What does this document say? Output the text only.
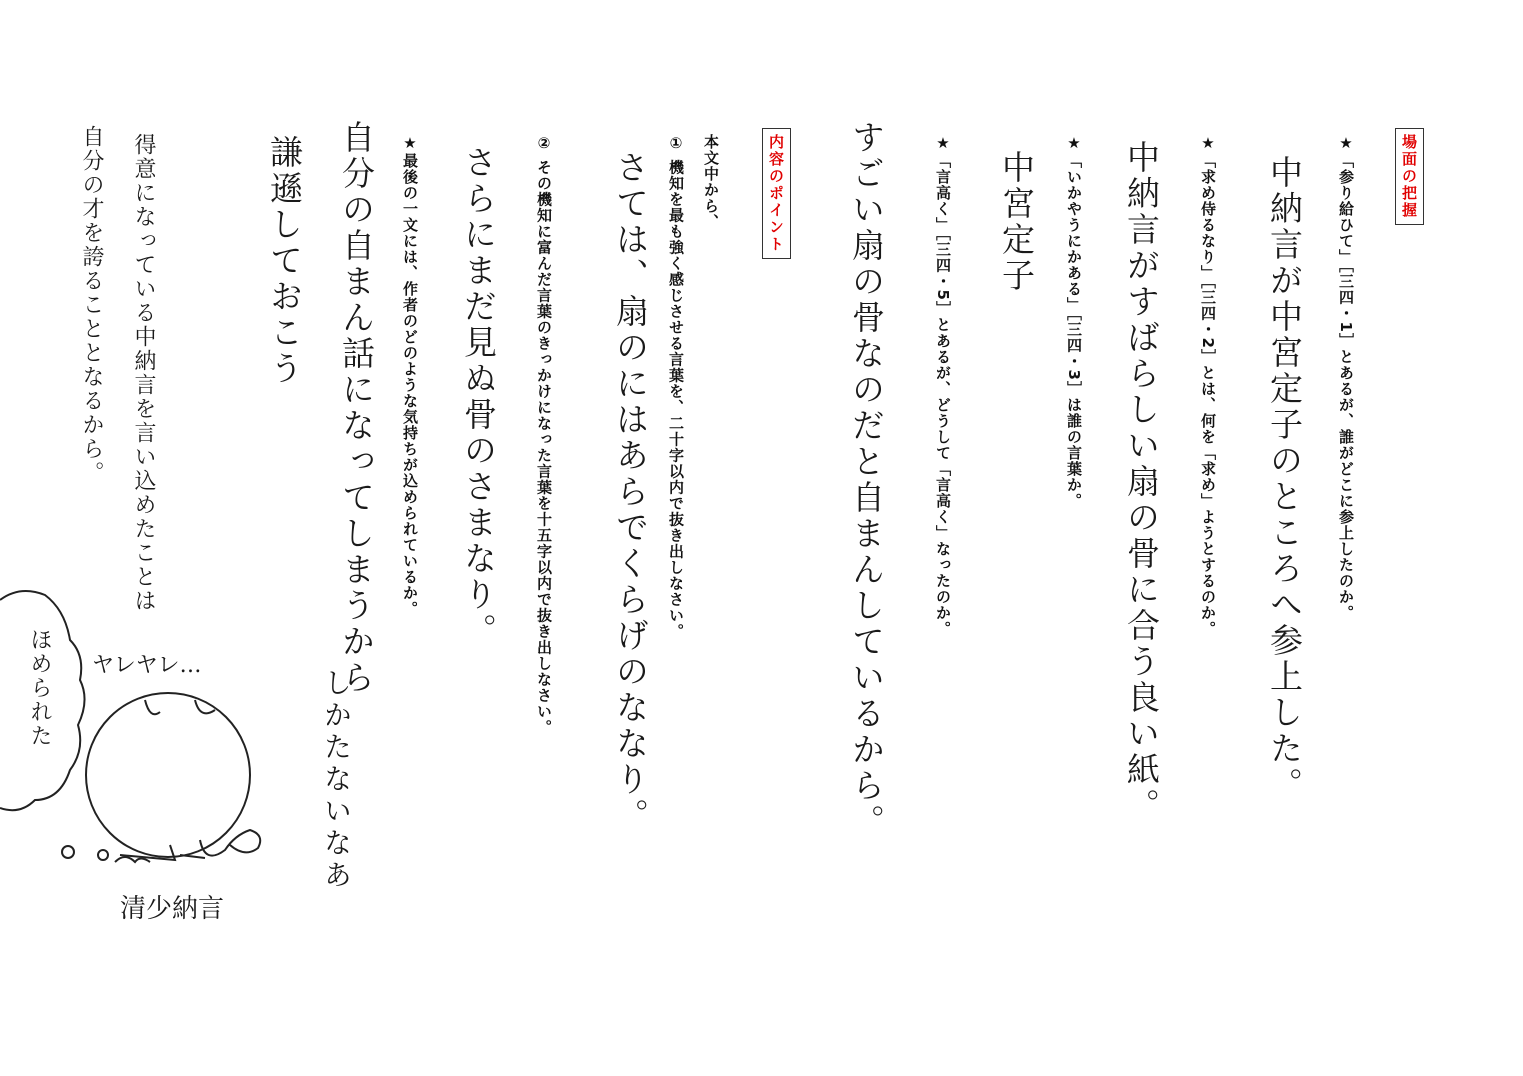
場面の把握
★「参り給ひて」［三四・1］とあるが、誰がどこに参上したのか。
中納言が中宮定子のところへ参上した。
★「求め侍るなり」［三四・2］とは、何を「求め」ようとするのか。
中納言がすばらしい扇の骨に合う良い紙。
★「いかやうにかある」［三四・3］は誰の言葉か。
中宮定子
★「言高く」［三四・5］とあるが、どうして「言高く」なったのか。
すごい扇の骨なのだと自まんしているから。
内容のポイント
本文中から、
① 機知を最も強く感じさせる言葉を、二十字以内で抜き出しなさい。
さては、扇のにはあらでくらげのななり。
② その機知に富んだ言葉のきっかけになった言葉を十五字以内で抜き出しなさい。
さらにまだ見ぬ骨のさまなり。
★最後の一文には、作者のどのような気持ちが込められているか。
自分の自まん話になってしまうから
謙遜しておこう
得意になっている中納言を言い込めたことは
自分の才を誇ることとなるから。
しかたないなあ
ヤレヤレ…
ほめられた
清少納言
